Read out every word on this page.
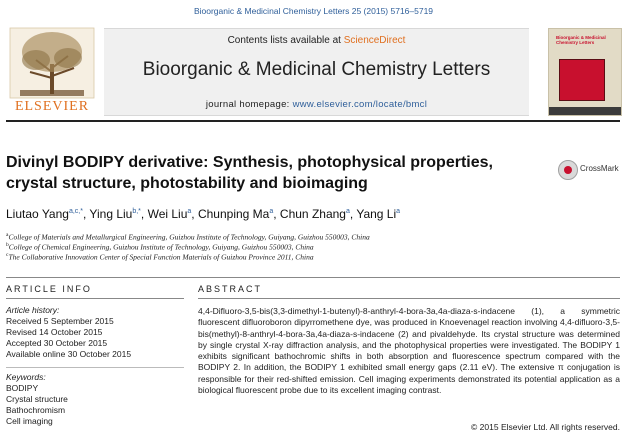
Bioorganic & Medicinal Chemistry Letters 25 (2015) 5716–5719
ELSEVIER
Contents lists available at ScienceDirect
Bioorganic & Medicinal Chemistry Letters
journal homepage: www.elsevier.com/locate/bmcl
Bioorganic & Medicinal Chemistry Letters
Divinyl BODIPY derivative: Synthesis, photophysical properties,
crystal structure, photostability and bioimaging
CrossMark
Liutao Yang$^{a,c,*}$, Ying Liu$^{b,*}$, Wei Liu$^a$, Chunping Ma$^a$, Chun Zhang$^a$, Yang Li$^a$
$^a$College of Materials and Metallurgical Engineering, Guizhou Institute of Technology, Guiyang, Guizhou 550003, China
$^b$College of Chemical Engineering, Guizhou Institute of Technology, Guiyang, Guizhou 550003, China
$^c$The Collaborative Innovation Center of Special Function Materials of Guizhou Province 2011, China
ARTICLE INFO	ABSTRACT
Article history:
Received 5 September 2015
Revised 14 October 2015
Accepted 30 October 2015
Available online 30 October 2015
Keywords:
BODIPY
Crystal structure
Bathochromism
Cell imaging
4,4-Difluoro-3,5-bis(3,3-dimethyl-1-butenyl)-8-anthryl-4-bora-3a,4a-diaza-s-indacene (1), a symmetric fluorescent difluoroboron dipyrromethene dye, was produced in Knoevenagel reaction involving 4,4-difluoro-3,5-bis(methyl)-8-anthryl-4-bora-3a,4a-diaza-s-indacene (2) and pivaldehyde. Its crystal structure was determined by single crystal X-ray diffraction analysis, and the photophysical properties were investigated. The BODIPY 1 exhibits significant bathochromic shifts in both absorption and fluorescence spectrum compared with the BODIPY 2. In addition, the BODIPY 1 exhibited small energy gaps (2.11 eV). The extensive π conjugation is responsible for their red-shifted emission. Cell imaging experiments demonstrated its potential application as a biological fluorescent probe due to its excellent imaging contrast.
© 2015 Elsevier Ltd. All rights reserved.
